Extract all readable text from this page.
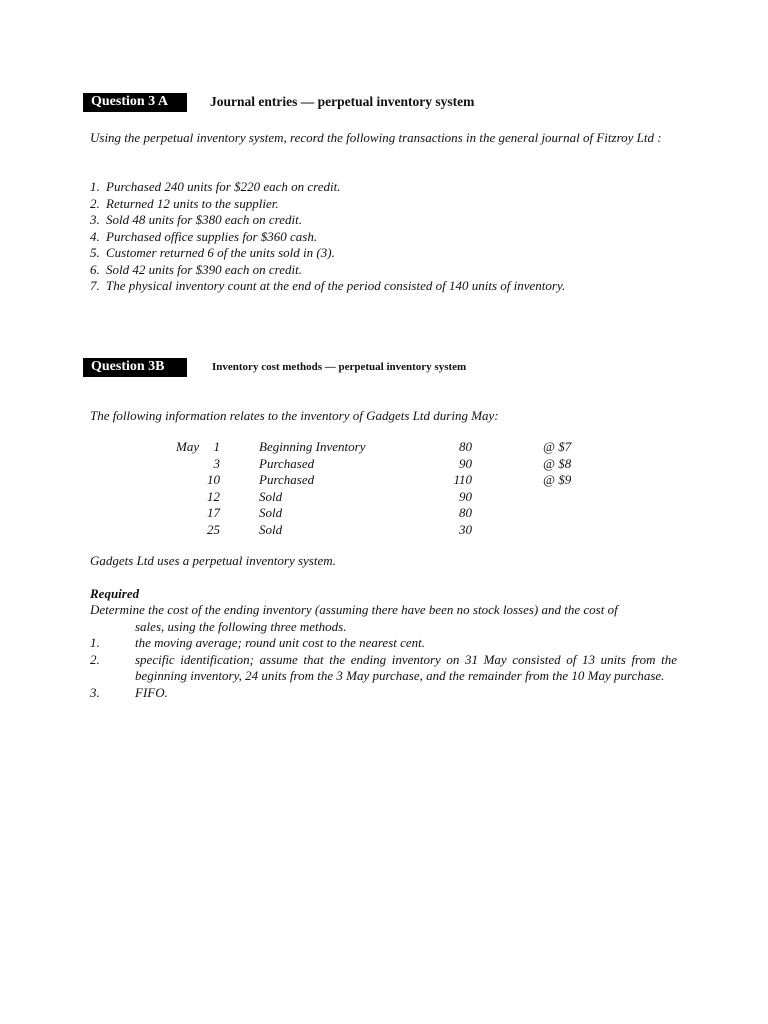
Question 3 A	Journal entries — perpetual inventory system
Using the perpetual inventory system, record the following transactions in the general journal of Fitzroy Ltd :
1. Purchased 240 units for $220 each on credit.
2. Returned 12 units to the supplier.
3. Sold 48 units for $380 each on credit.
4. Purchased office supplies for $360 cash.
5. Customer returned 6 of the units sold in (3).
6. Sold 42 units for $390 each on credit.
7. The physical inventory count at the end of the period consisted of 140 units of inventory.
Question 3B	Inventory cost methods — perpetual inventory system
The following information relates to the inventory of Gadgets Ltd during May:
May	1	Beginning Inventory	80	@ $7
3	Purchased	90	@ $8
10	Purchased	110	@ $9
12	Sold	90
17	Sold	80
25	Sold	30
Gadgets Ltd uses a perpetual inventory system.
Required
Determine the cost of the ending inventory (assuming there have been no stock losses) and the cost of
sales, using the following three methods.
1.	the moving average; round unit cost to the nearest cent.
2.	specific identification; assume that the ending inventory on 31 May consisted of 13 units from the beginning inventory, 24 units from the 3 May purchase, and the remainder from the 10 May purchase.
3.	FIFO.
